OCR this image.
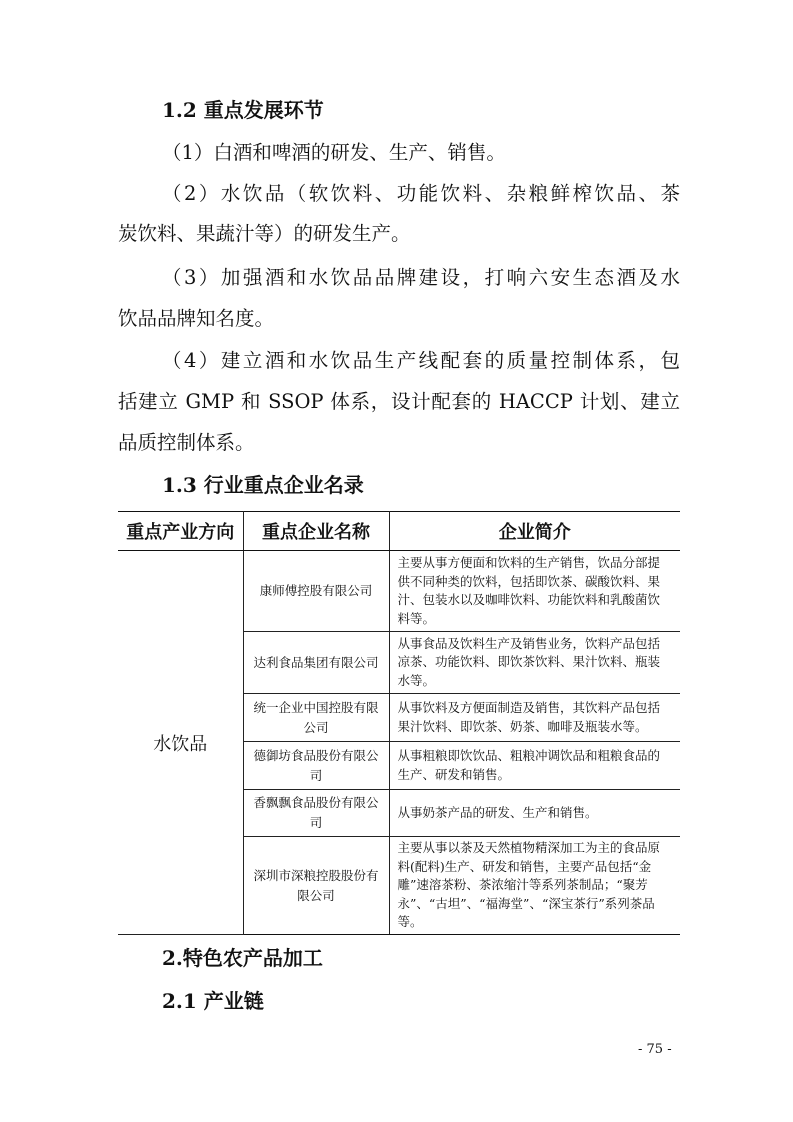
1.2 重点发展环节
（1）白酒和啤酒的研发、生产、销售。
（2）水饮品（软饮料、功能饮料、杂粮鲜榨饮品、茶
炭饮料、果蔬汁等）的研发生产。
（3）加强酒和水饮品品牌建设，打响六安生态酒及水
饮品品牌知名度。
（4）建立酒和水饮品生产线配套的质量控制体系，包
括建立 GMP 和 SSOP 体系，设计配套的 HACCP 计划、建立
品质控制体系。
1.3 行业重点企业名录
重点产业方向	重点企业名称	企业简介
水饮品	康师傅控股有限公司	主要从事方便面和饮料的生产销售，饮品分部提供不同种类的饮料，包括即饮茶、碳酸饮料、果汁、包装水以及咖啡饮料、功能饮料和乳酸菌饮料等。
	达利食品集团有限公司	从事食品及饮料生产及销售业务，饮料产品包括凉茶、功能饮料、即饮茶饮料、果汁饮料、瓶装水等。
	统一企业中国控股有限公司	从事饮料及方便面制造及销售，其饮料产品包括果汁饮料、即饮茶、奶茶、咖啡及瓶装水等。
	德御坊食品股份有限公司	从事粗粮即饮饮品、粗粮冲调饮品和粗粮食品的生产、研发和销售。
	香飘飘食品股份有限公司	从事奶茶产品的研发、生产和销售。
	深圳市深粮控股股份有限公司	主要从事以茶及天然植物精深加工为主的食品原料(配料)生产、研发和销售，主要产品包括“金雕”速溶茶粉、茶浓缩汁等系列茶制品；“聚芳永”、“古坦”、“福海堂”、“深宝茶行”系列茶品等。
2.特色农产品加工
2.1 产业链
- 75 -
